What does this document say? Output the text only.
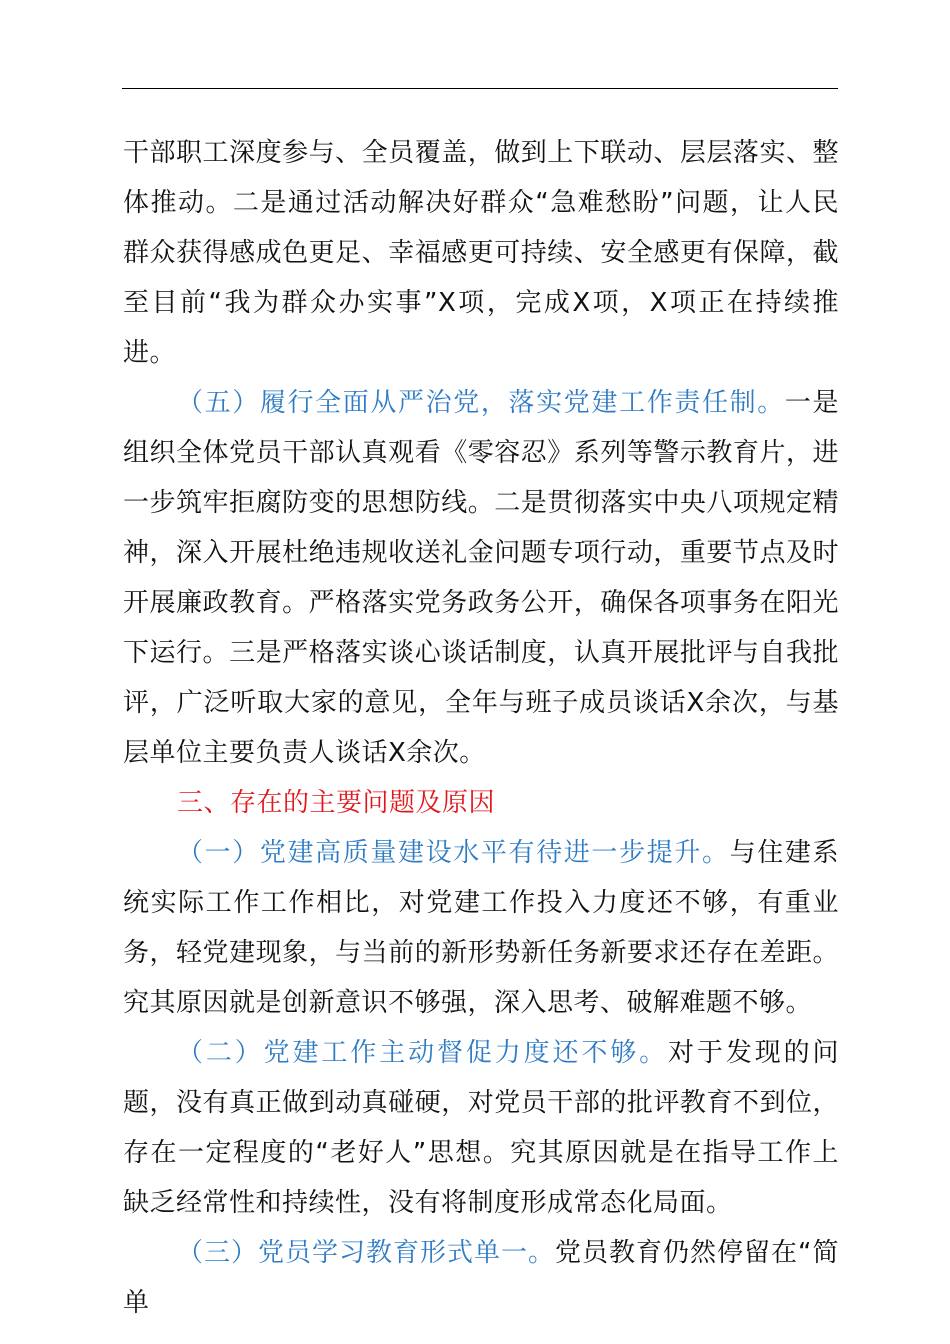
干部职工深度参与、全员覆盖，做到上下联动、层层落实、整体推动。二是通过活动解决好群众“急难愁盼”问题，让人民群众获得感成色更足、幸福感更可持续、安全感更有保障，截至目前“我为群众办实事”X项，完成X项，X项正在持续推进。

（五）履行全面从严治党，落实党建工作责任制。一是组织全体党员干部认真观看《零容忍》系列等警示教育片，进一步筑牢拒腐防变的思想防线。二是贯彻落实中央八项规定精神，深入开展杜绝违规收送礼金问题专项行动，重要节点及时开展廉政教育。严格落实党务政务公开，确保各项事务在阳光下运行。三是严格落实谈心谈话制度，认真开展批评与自我批评，广泛听取大家的意见，全年与班子成员谈话X余次，与基层单位主要负责人谈话X余次。

三、存在的主要问题及原因

（一）党建高质量建设水平有待进一步提升。与住建系统实际工作工作相比，对党建工作投入力度还不够，有重业务，轻党建现象，与当前的新形势新任务新要求还存在差距。究其原因就是创新意识不够强，深入思考、破解难题不够。

（二）党建工作主动督促力度还不够。对于发现的问题，没有真正做到动真碰硬，对党员干部的批评教育不到位，存在一定程度的“老好人”思想。究其原因就是在指导工作上缺乏经常性和持续性，没有将制度形成常态化局面。

（三）党员学习教育形式单一。党员教育仍然停留在“简单
